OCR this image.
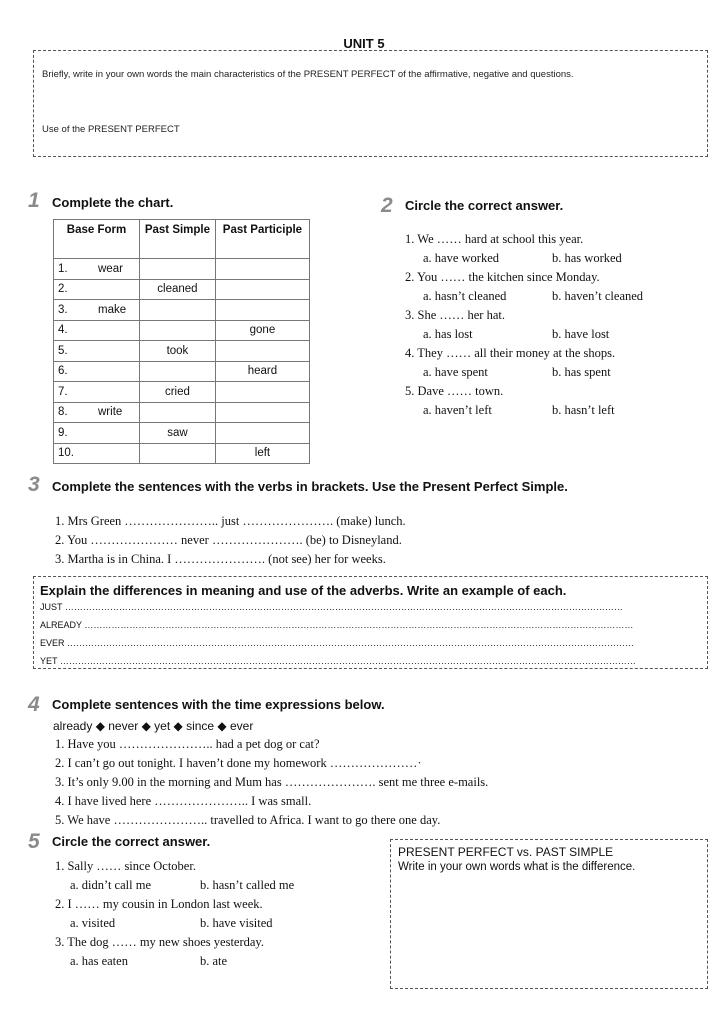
UNIT 5
Briefly, write in your own words the main characteristics of the PRESENT PERFECT of the affirmative, negative and questions.
Use of the PRESENT PERFECT
1 Complete the chart.
Base Form	Past Simple	Past Participle
1. wear		

2.	cleaned	
3. make		

4.		gone
5.	took	
6.		heard
7.	cried	
8. write		

9.	saw	
10.		left
2 Circle the correct answer.
1. We …… hard at school this year.
a. have worked	b. has worked
2. You …… the kitchen since Monday.
a. hasn’t cleaned	b. haven’t cleaned
3. She …… her hat.
a. has lost	b. have lost
4. They …… all their money at the shops.
a. have spent	b. has spent
5. Dave …… town.
a. haven’t left	b. hasn’t left
3 Complete the sentences with the verbs in brackets. Use the Present Perfect Simple.
1. Mrs Green ………………….. just …………………. (make) lunch.
2. You ………………… never …………………. (be) to Disneyland.
3. Martha is in China. I …………………. (not see) her for weeks.
Explain the differences in meaning and use of the adverbs. Write an example of each.
JUST ……………………………………………………………………………………………………………………………………………………………………
ALREADY …………………………………………………………………………………………………………………………………………………………………
EVER ………………………………………………………………………………………………………………………………………………………………………
YET …………………………………………………………………………………………………………………………………………………………………………
4 Complete sentences with the time expressions below.
already ◆ never ◆ yet ◆ since ◆ ever
1. Have you ………………….. had a pet dog or cat?
2. I can’t go out tonight. I haven’t done my homework …………………·
3. It’s only 9.00 in the morning and Mum has …………………. sent me three e-mails.
4. I have lived here ………………….. I was small.
5. We have ………………….. travelled to Africa. I want to go there one day.
5 Circle the correct answer.
1. Sally …… since October.
a. didn’t call me	b. hasn’t called me
2. I …… my cousin in London last week.
a. visited	b. have visited
3. The dog …… my new shoes yesterday.
a. has eaten	b. ate
PRESENT PERFECT vs. PAST SIMPLE
Write in your own words what is the difference.
